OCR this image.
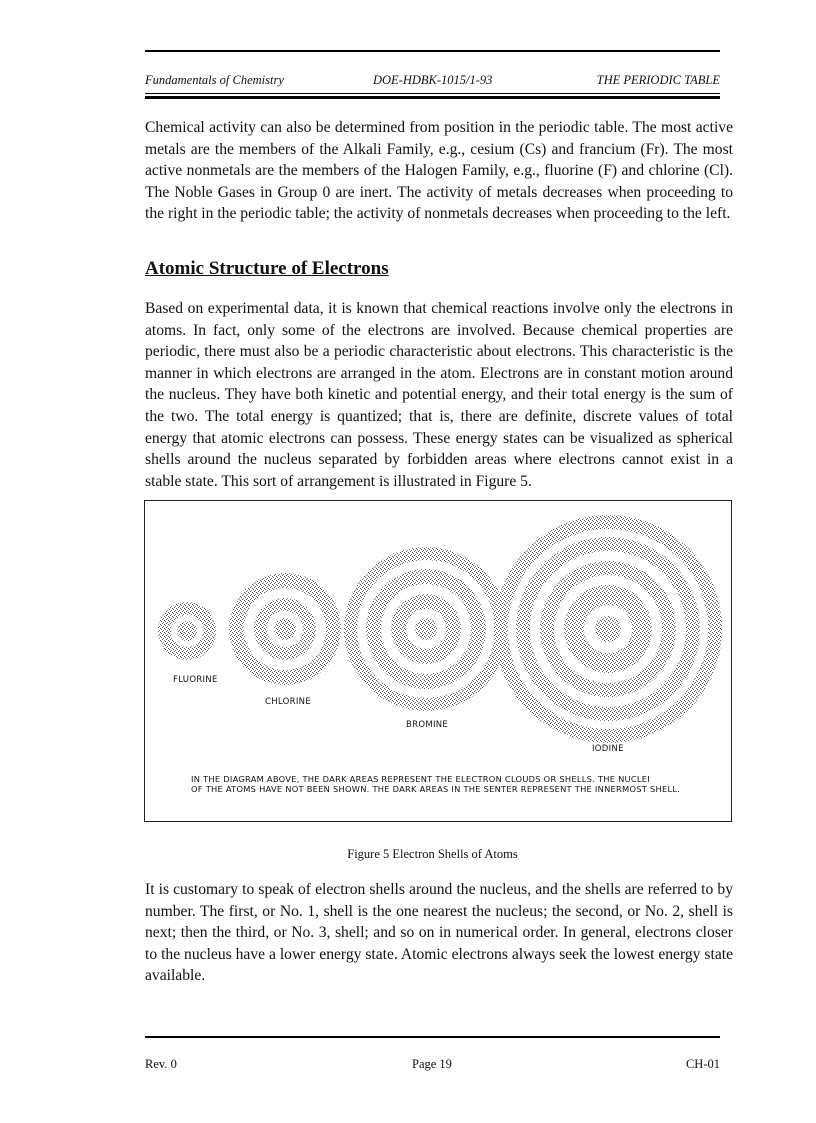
Fundamentals of Chemistry	DOE-HDBK-1015/1-93	THE PERIODIC TABLE

Chemical activity can also be determined from position in the periodic table. The most active metals are the members of the Alkali Family, e.g., cesium (Cs) and francium (Fr). The most active nonmetals are the members of the Halogen Family, e.g., fluorine (F) and chlorine (Cl). The Noble Gases in Group 0 are inert. The activity of metals decreases when proceeding to the right in the periodic table; the activity of nonmetals decreases when proceeding to the left.

Atomic Structure of Electrons

Based on experimental data, it is known that chemical reactions involve only the electrons in atoms. In fact, only some of the electrons are involved. Because chemical properties are periodic, there must also be a periodic characteristic about electrons. This characteristic is the manner in which electrons are arranged in the atom. Electrons are in constant motion around the nucleus. They have both kinetic and potential energy, and their total energy is the sum of the two. The total energy is quantized; that is, there are definite, discrete values of total energy that atomic electrons can possess. These energy states can be visualized as spherical shells around the nucleus separated by forbidden areas where electrons cannot exist in a stable state. This sort of arrangement is illustrated in Figure 5.

FLUORINE
CHLORINE
BROMINE
IODINE
IN THE DIAGRAM ABOVE, THE DARK AREAS REPRESENT THE ELECTRON CLOUDS OR SHELLS. THE NUCLEI
OF THE ATOMS HAVE NOT BEEN SHOWN. THE DARK AREAS IN THE SENTER REPRESENT THE INNERMOST SHELL.
Figure 5 Electron Shells of Atoms

It is customary to speak of electron shells around the nucleus, and the shells are referred to by number. The first, or No. 1, shell is the one nearest the nucleus; the second, or No. 2, shell is next; then the third, or No. 3, shell; and so on in numerical order. In general, electrons closer to the nucleus have a lower energy state. Atomic electrons always seek the lowest energy state available.

Rev. 0	Page 19	CH-01
